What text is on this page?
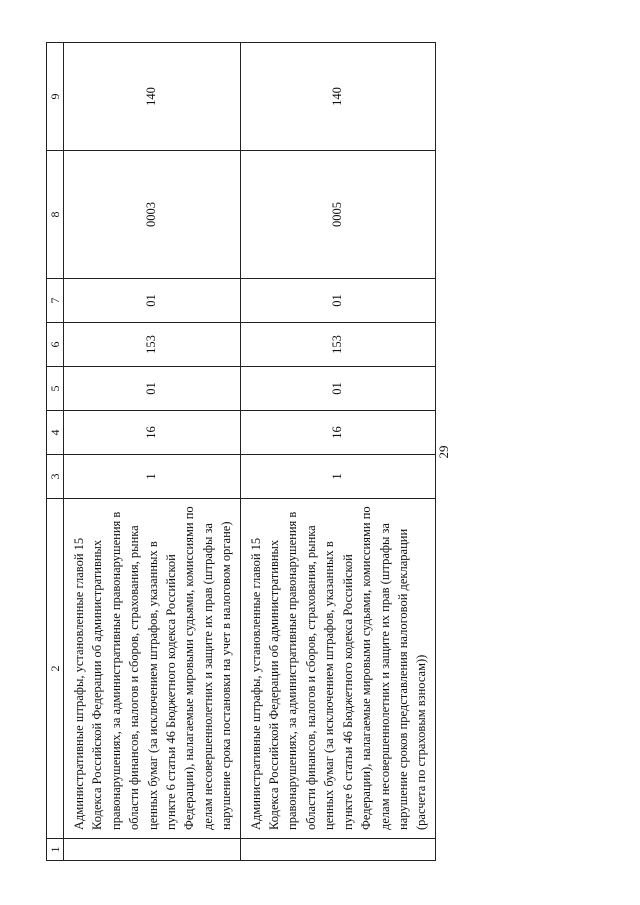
1	2	3	4	5	6	7	8	9
	Административные штрафы, установленные главой 15 Кодекса Российской Федерации об административных правонарушениях, за административные правонарушения в области финансов, налогов и сборов, страхования, рынка ценных бумаг (за исключением штрафов, указанных в пункте 6 статьи 46 Бюджетного кодекса Российской Федерации), налагаемые мировыми судьями, комиссиями по делам несовершеннолетних и защите их прав (штрафы за нарушение срока постановки на учет в налоговом органе)	1	16	01	153	01	0003	140
	Административные штрафы, установленные главой 15 Кодекса Российской Федерации об административных правонарушениях, за административные правонарушения в области финансов, налогов и сборов, страхования, рынка ценных бумаг (за исключением штрафов, указанных в пункте 6 статьи 46 Бюджетного кодекса Российской Федерации), налагаемые мировыми судьями, комиссиями по делам несовершеннолетних и защите их прав (штрафы за нарушение сроков представления налоговой декларации (расчета по страховым взносам))	1	16	01	153	01	0005	140
29
